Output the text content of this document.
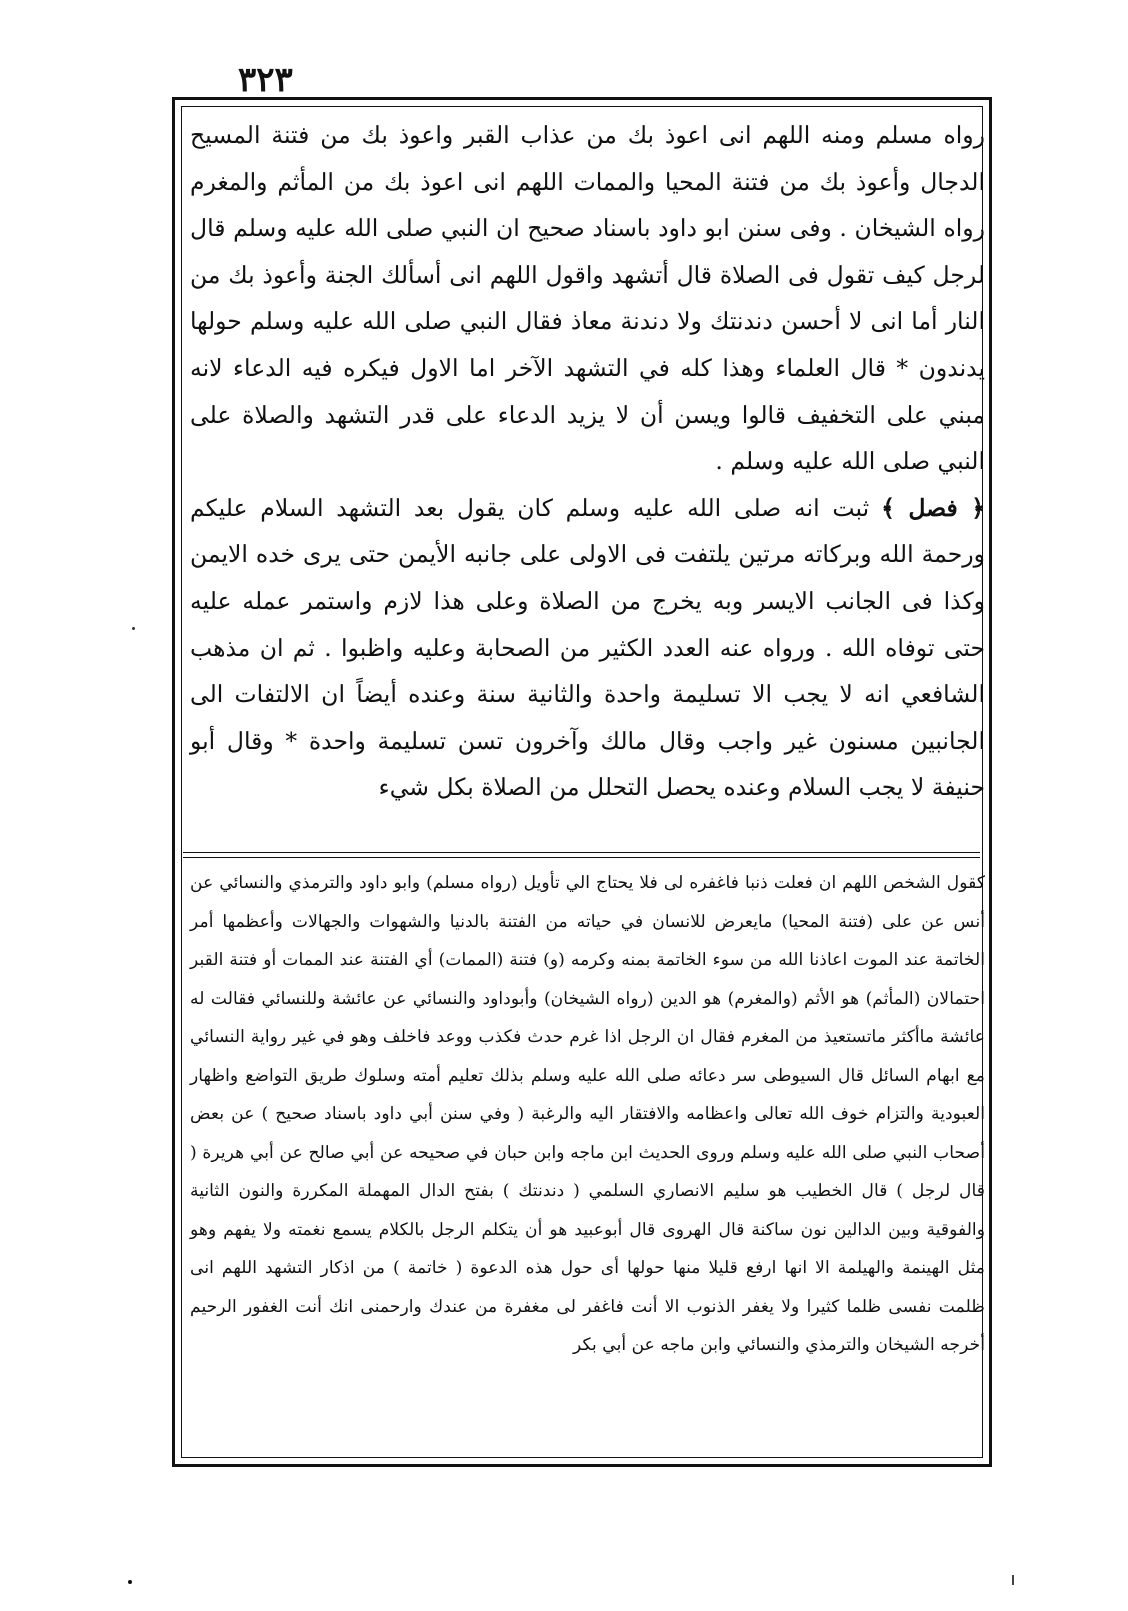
٣٢٣

رواه مسلم ومنه اللهم انى اعوذ بك من عذاب القبر واعوذ بك من فتنة المسيح الدجال وأعوذ بك من فتنة المحيا والممات اللهم انى اعوذ بك من المأثم والمغرم رواه الشيخان . وفى سنن ابو داود باسناد صحيح ان النبي صلى الله عليه وسلم قال لرجل كيف تقول فى الصلاة قال أتشهد واقول اللهم انى أسألك الجنة وأعوذ بك من النار أما انى لا أحسن دندنتك ولا دندنة معاذ فقال النبي صلى الله عليه وسلم حولها يدندون * قال العلماء وهذا كله في التشهد الآخر اما الاول فيكره فيه الدعاء لانه مبني على التخفيف قالوا ويسن أن لا يزيد الدعاء على قدر التشهد والصلاة على النبي صلى الله عليه وسلم .

﴿ فصل ﴾ثبت انه صلى الله عليه وسلم كان يقول بعد التشهد السلام عليكم ورحمة الله وبركاته مرتين يلتفت فى الاولى على جانبه الأيمن حتى يرى خده الايمن وكذا فى الجانب الايسر وبه يخرج من الصلاة وعلى هذا لازم واستمر عمله عليه حتى توفاه الله . ورواه عنه العدد الكثير من الصحابة وعليه واظبوا . ثم ان مذهب الشافعي انه لا يجب الا تسليمة واحدة والثانية سنة وعنده أيضاً ان الالتفات الى الجانبين مسنون غير واجب وقال مالك وآخرون تسن تسليمة واحدة * وقال أبو حنيفة لا يجب السلام وعنده يحصل التحلل من الصلاة بكل شيء

كقول الشخص اللهم ان فعلت ذنبا فاغفره لى فلا يحتاج الي تأويل (رواه مسلم) وابو داود والترمذي والنسائي عن أنس عن على (فتنة المحيا) مايعرض للانسان في حياته من الفتنة بالدنيا والشهوات والجهالات وأعظمها أمر الخاتمة عند الموت اعاذنا الله من سوء الخاتمة بمنه وكرمه (و) فتنة (الممات) أي الفتنة عند الممات أو فتنة القبر احتمالان (المأثم) هو الأثم (والمغرم) هو الدين (رواه الشيخان) وأبوداود والنسائي عن عائشة وللنسائي فقالت له عائشة ماأكثر ماتستعيذ من المغرم فقال ان الرجل اذا غرم حدث فكذب ووعد فاخلف وهو في غير رواية النسائي مع ابهام السائل قال السيوطى سر دعائه صلى الله عليه وسلم بذلك تعليم أمته وسلوك طريق التواضع واظهار العبودية والتزام خوف الله تعالى واعظامه والافتقار اليه والرغبة ( وفي سنن أبي داود باسناد صحيح ) عن بعض أصحاب النبي صلى الله عليه وسلم وروى الحديث ابن ماجه وابن حبان في صحيحه عن أبي صالح عن أبي هريرة ( قال لرجل ) قال الخطيب هو سليم الانصاري السلمي ( دندنتك ) بفتح الدال المهملة المكررة والنون الثانية والفوقية وبين الدالين نون ساكنة قال الهروى قال أبوعبيد هو أن يتكلم الرجل بالكلام يسمع نغمته ولا يفهم وهو مثل الهينمة والهيلمة الا انها ارفع قليلا منها حولها أى حول هذه الدعوة ( خاتمة ) من اذكار التشهد اللهم انى ظلمت نفسى ظلما كثيرا ولا يغفر الذنوب الا أنت فاغفر لى مغفرة من عندك وارحمنى انك أنت الغفور الرحيم أخرجه الشيخان والترمذي والنسائي وابن ماجه عن أبي بكر
